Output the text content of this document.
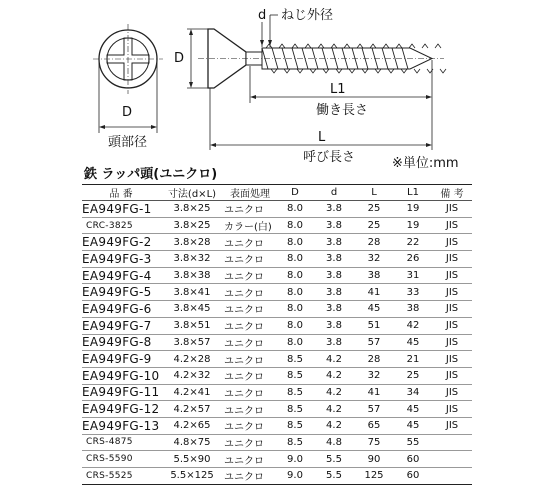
d ねじ外径
D
D
頭部径
L1
働き長さ
L
呼び長さ	※単位:mm
鉄 ラッパ頭(ユニクロ)
品 番	寸法(d×L)	表面処理	D	d	L	L1	備 考
EA949FG-1	3.8×25	ユニクロ	8.0	3.8	25	19	JIS
CRC-3825	3.8×25	カラー(白)	8.0	3.8	25	19	JIS
EA949FG-2	3.8×28	ユニクロ	8.0	3.8	28	22	JIS
EA949FG-3	3.8×32	ユニクロ	8.0	3.8	32	26	JIS
EA949FG-4	3.8×38	ユニクロ	8.0	3.8	38	31	JIS
EA949FG-5	3.8×41	ユニクロ	8.0	3.8	41	33	JIS
EA949FG-6	3.8×45	ユニクロ	8.0	3.8	45	38	JIS
EA949FG-7	3.8×51	ユニクロ	8.0	3.8	51	42	JIS
EA949FG-8	3.8×57	ユニクロ	8.0	3.8	57	45	JIS
EA949FG-9	4.2×28	ユニクロ	8.5	4.2	28	21	JIS
EA949FG-10	4.2×32	ユニクロ	8.5	4.2	32	25	JIS
EA949FG-11	4.2×41	ユニクロ	8.5	4.2	41	34	JIS
EA949FG-12	4.2×57	ユニクロ	8.5	4.2	57	45	JIS
EA949FG-13	4.2×65	ユニクロ	8.5	4.2	65	45	JIS
CRS-4875	4.8×75	ユニクロ	8.5	4.8	75	55	
CRS-5590	5.5×90	ユニクロ	9.0	5.5	90	60	
CRS-5525	5.5×125	ユニクロ	9.0	5.5	125	60	
